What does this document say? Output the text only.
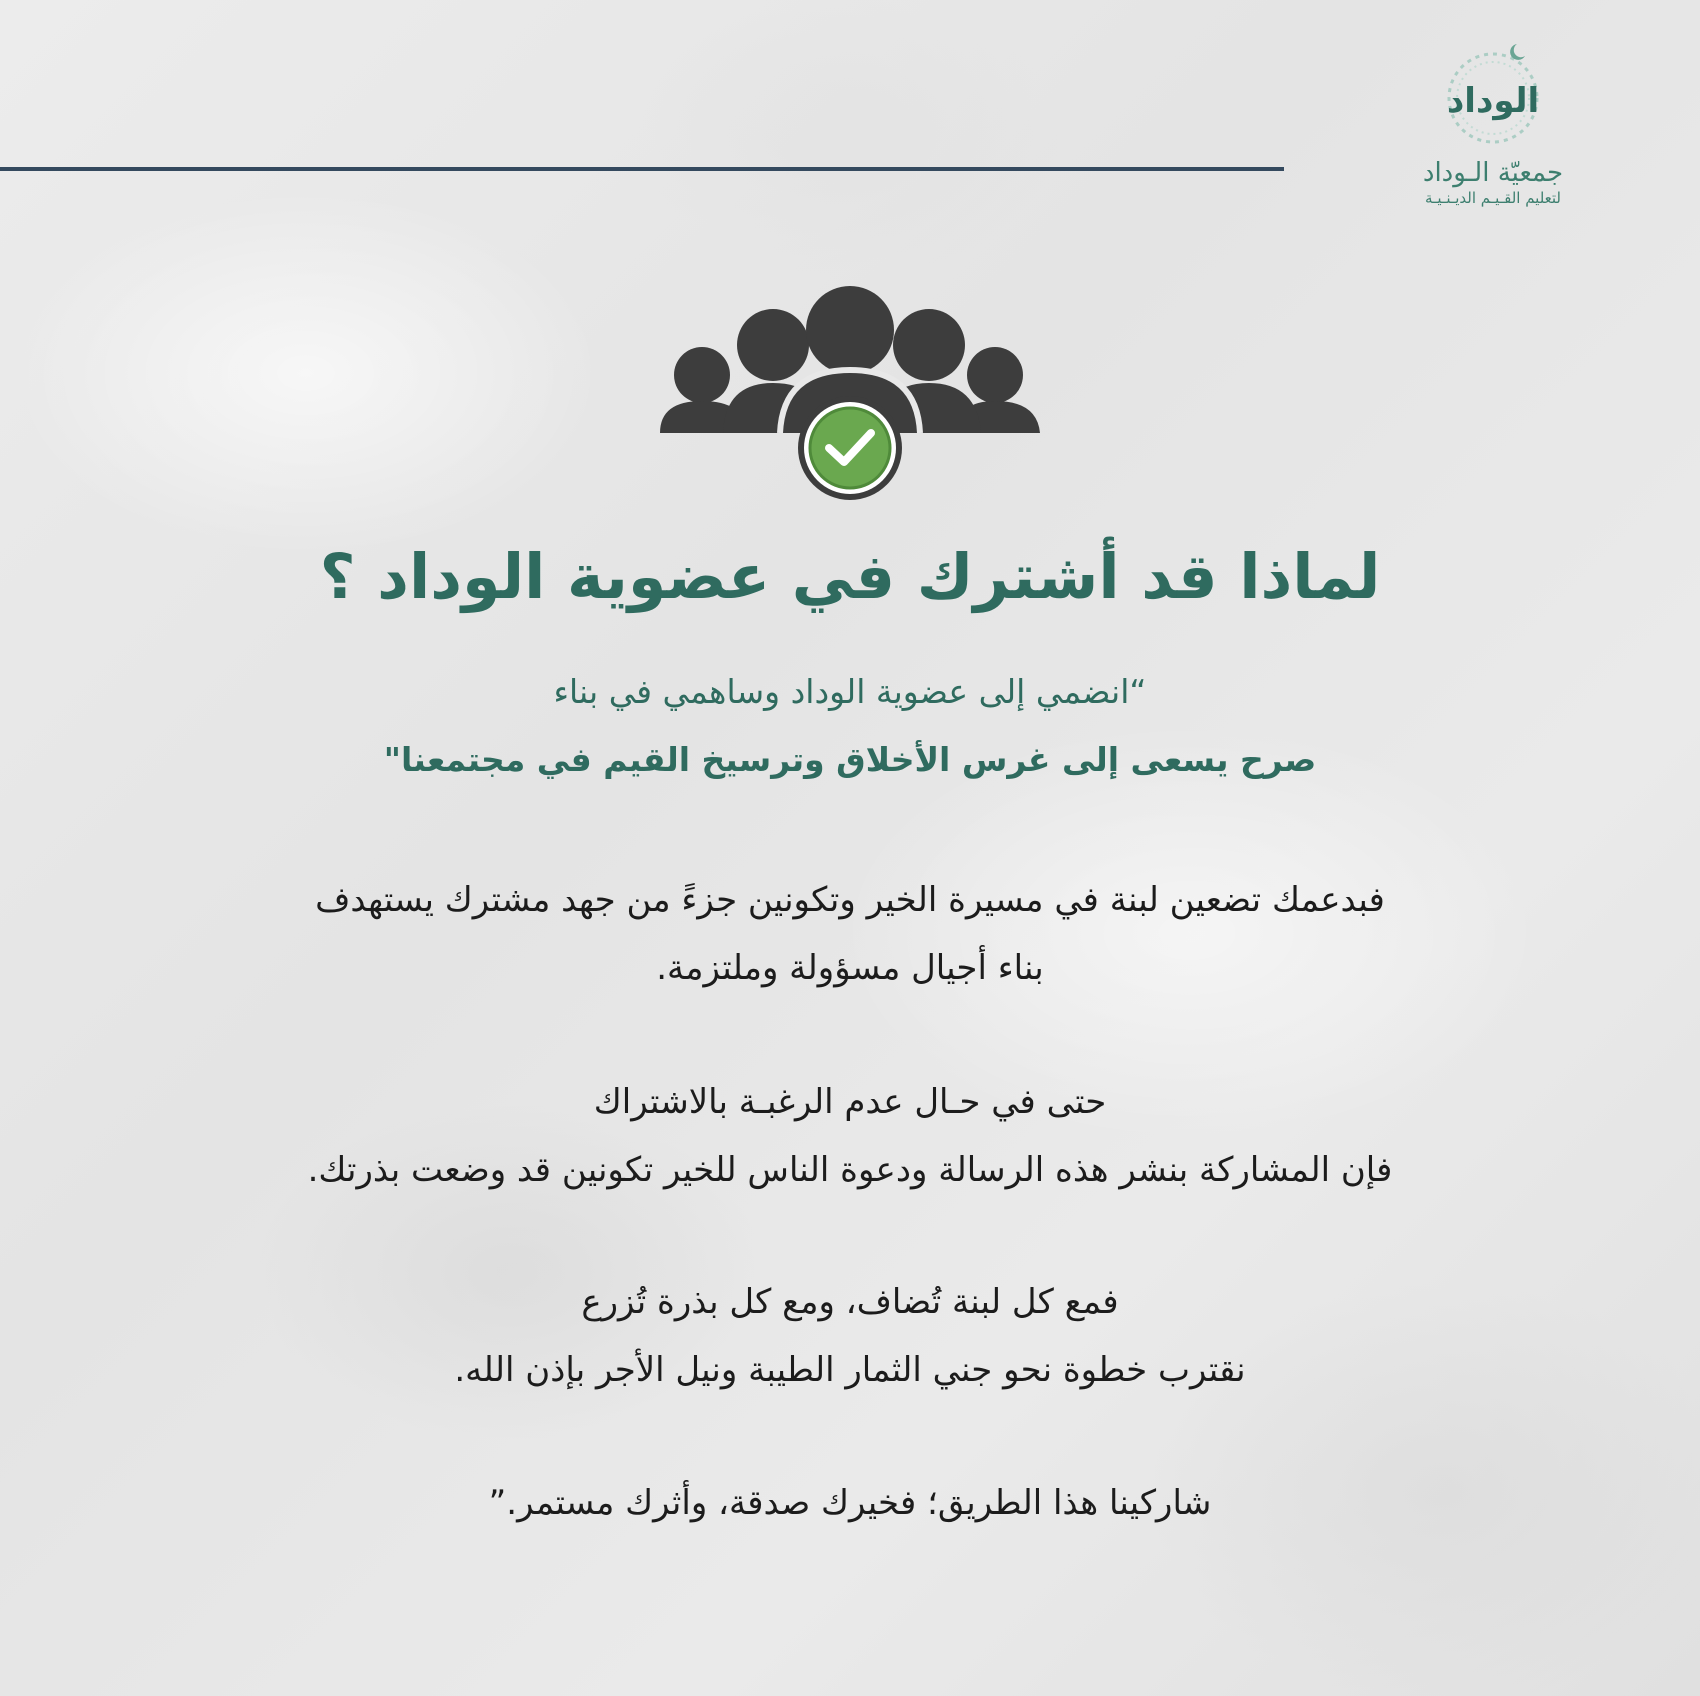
الوداد
جمعيّة الـوداد
لتعليم القـيـم الديـنـيـة
لماذا قد أشترك في عضوية الوداد ؟
“انضمي إلى عضوية الوداد وساهمي في بناء
صرح يسعى إلى غرس الأخلاق وترسيخ القيم في مجتمعنا"
فبدعمك تضعين لبنة في مسيرة الخير وتكونين جزءً من جهد مشترك يستهدف
بناء أجيال مسؤولة وملتزمة.
حتى في حـال عدم الرغبـة بالاشتراك
فإن المشاركة بنشر هذه الرسالة ودعوة الناس للخير تكونين قد وضعت بذرتك.
فمع كل لبنة تُضاف، ومع كل بذرة تُزرع
نقترب خطوة نحو جني الثمار الطيبة ونيل الأجر بإذن الله.
شاركينا هذا الطريق؛ فخيرك صدقة، وأثرك مستمر.”
